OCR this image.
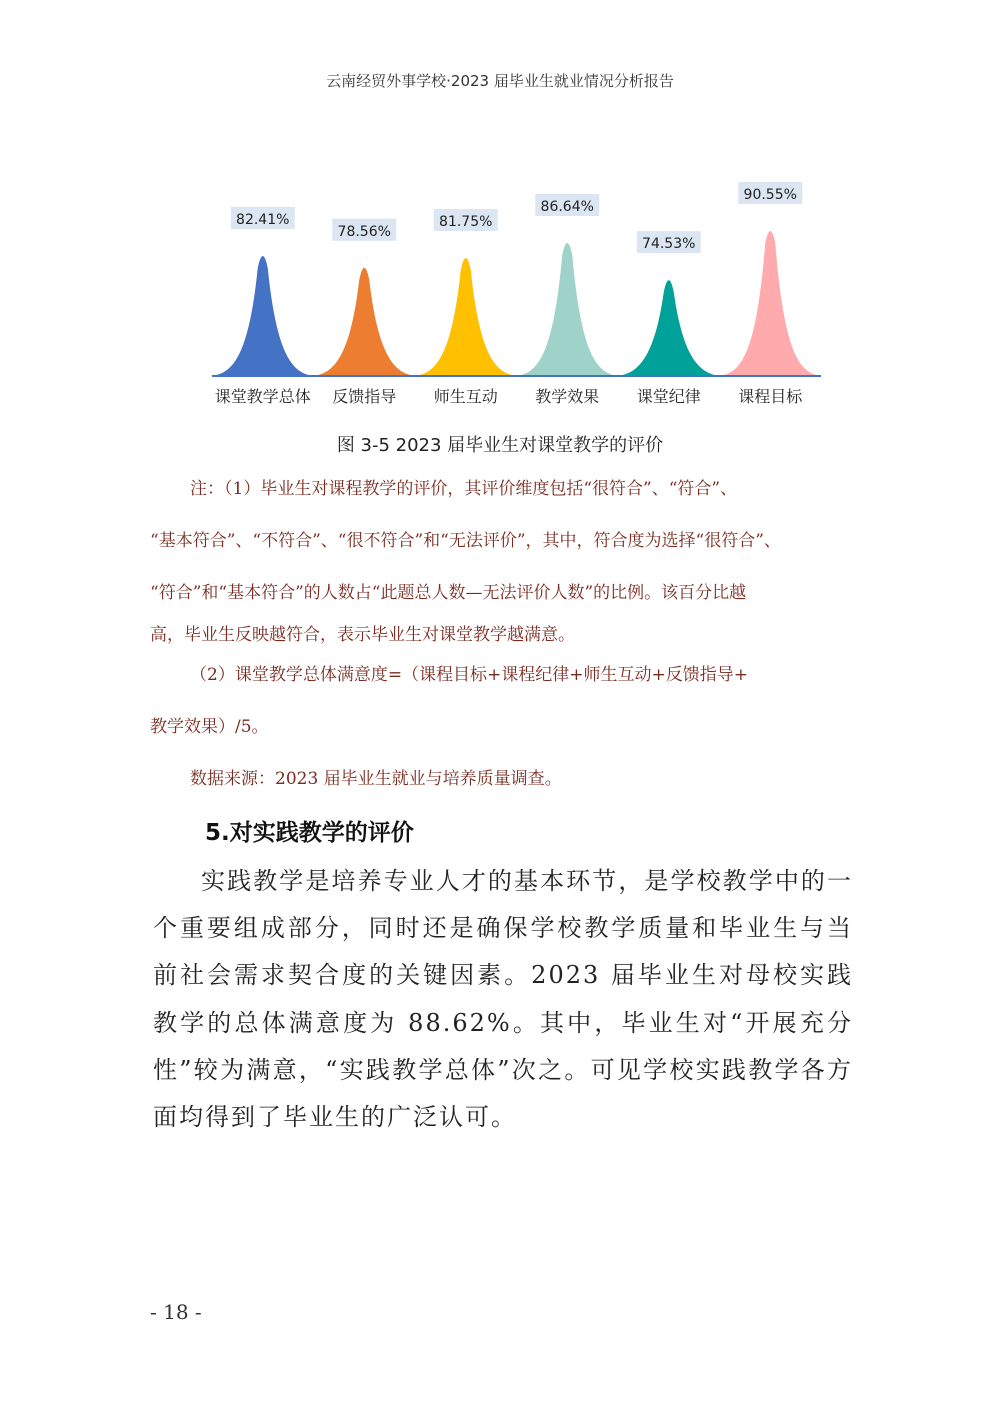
云南经贸外事学校·2023 届毕业生就业情况分析报告
82.41%
课堂教学总体
78.56%
反馈指导
81.75%
师生互动
86.64%
教学效果
74.53%
课堂纪律
90.55%
课程目标
图 3-5 2023 届毕业生对课堂教学的评价
注：（1）毕业生对课程教学的评价，其评价维度包括“很符合”、“符合”、
“基本符合”、“不符合”、“很不符合”和“无法评价”，其中，符合度为选择“很符合”、
“符合”和“基本符合”的人数占“此题总人数—无法评价人数”的比例。该百分比越
高，毕业生反映越符合，表示毕业生对课堂教学越满意。
（2）课堂教学总体满意度=（课程目标+课程纪律+师生互动+反馈指导+
教学效果）/5。
数据来源：2023 届毕业生就业与培养质量调查。
5.对实践教学的评价
实践教学是培养专业人才的基本环节，是学校教学中的一个重要组成部分，同时还是确保学校教学质量和毕业生与当前社会需求契合度的关键因素。2023 届毕业生对母校实践教学的总体满意度为 88.62%。其中，毕业生对“开展充分性”较为满意，“实践教学总体”次之。可见学校实践教学各方面均得到了毕业生的广泛认可。
- 18 -
